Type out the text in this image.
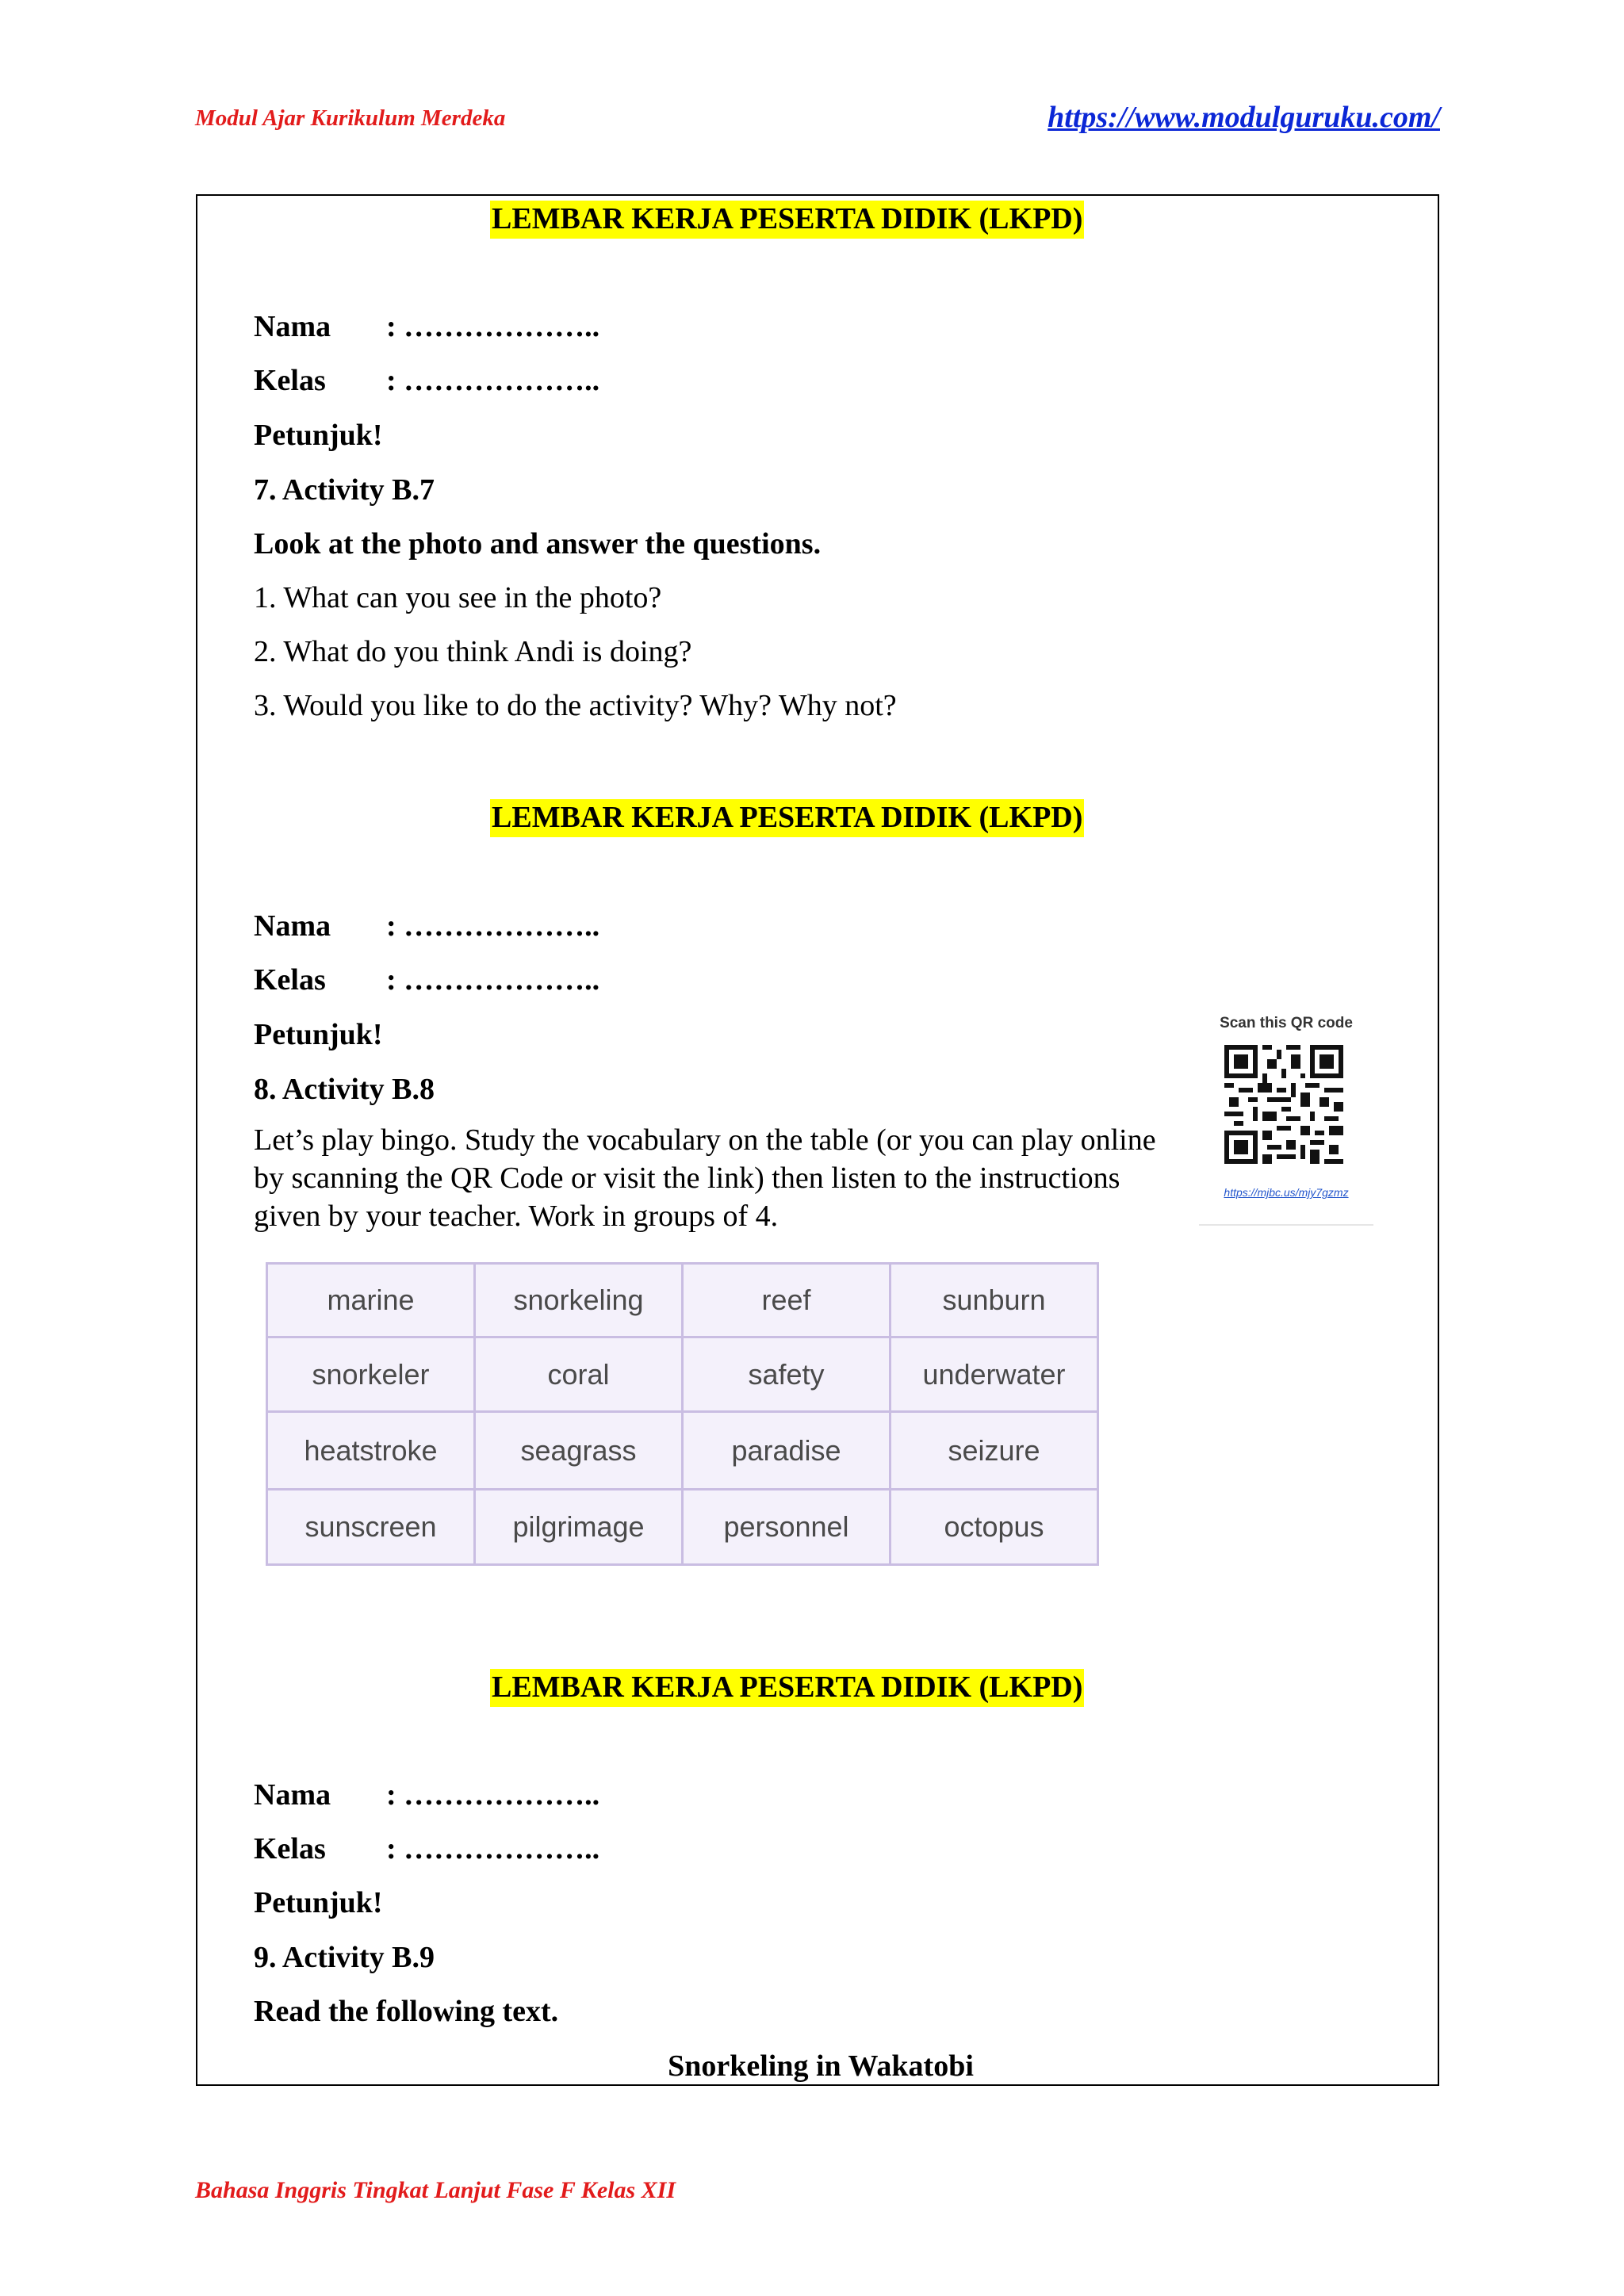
Modul Ajar Kurikulum Merdeka	https://www.modulguruku.com/
LEMBAR KERJA PESERTA DIDIK (LKPD)
Nama : ………………..
Kelas : ………………..
Petunjuk!
7. Activity B.7
Look at the photo and answer the questions.
1. What can you see in the photo?
2. What do you think Andi is doing?
3. Would you like to do the activity? Why? Why not?
LEMBAR KERJA PESERTA DIDIK (LKPD)
Nama : ………………..
Kelas : ………………..
Petunjuk!
8. Activity B.8

Let’s play bingo. Study the vocabulary on the table (or you can play online by scanning the QR Code or visit the link) then listen to the instructions given by your teacher. Work in groups of 4.

Scan this QR code
https://mjbc.us/mjy7gzmz
marine	snorkeling	reef	sunburn
snorkeler	coral	safety	underwater
heatstroke	seagrass	paradise	seizure
sunscreen	pilgrimage	personnel	octopus
LEMBAR KERJA PESERTA DIDIK (LKPD)
Nama : ………………..
Kelas : ………………..
Petunjuk!
9. Activity B.9
Read the following text.
Snorkeling in Wakatobi
Bahasa Inggris Tingkat Lanjut Fase F Kelas XII
